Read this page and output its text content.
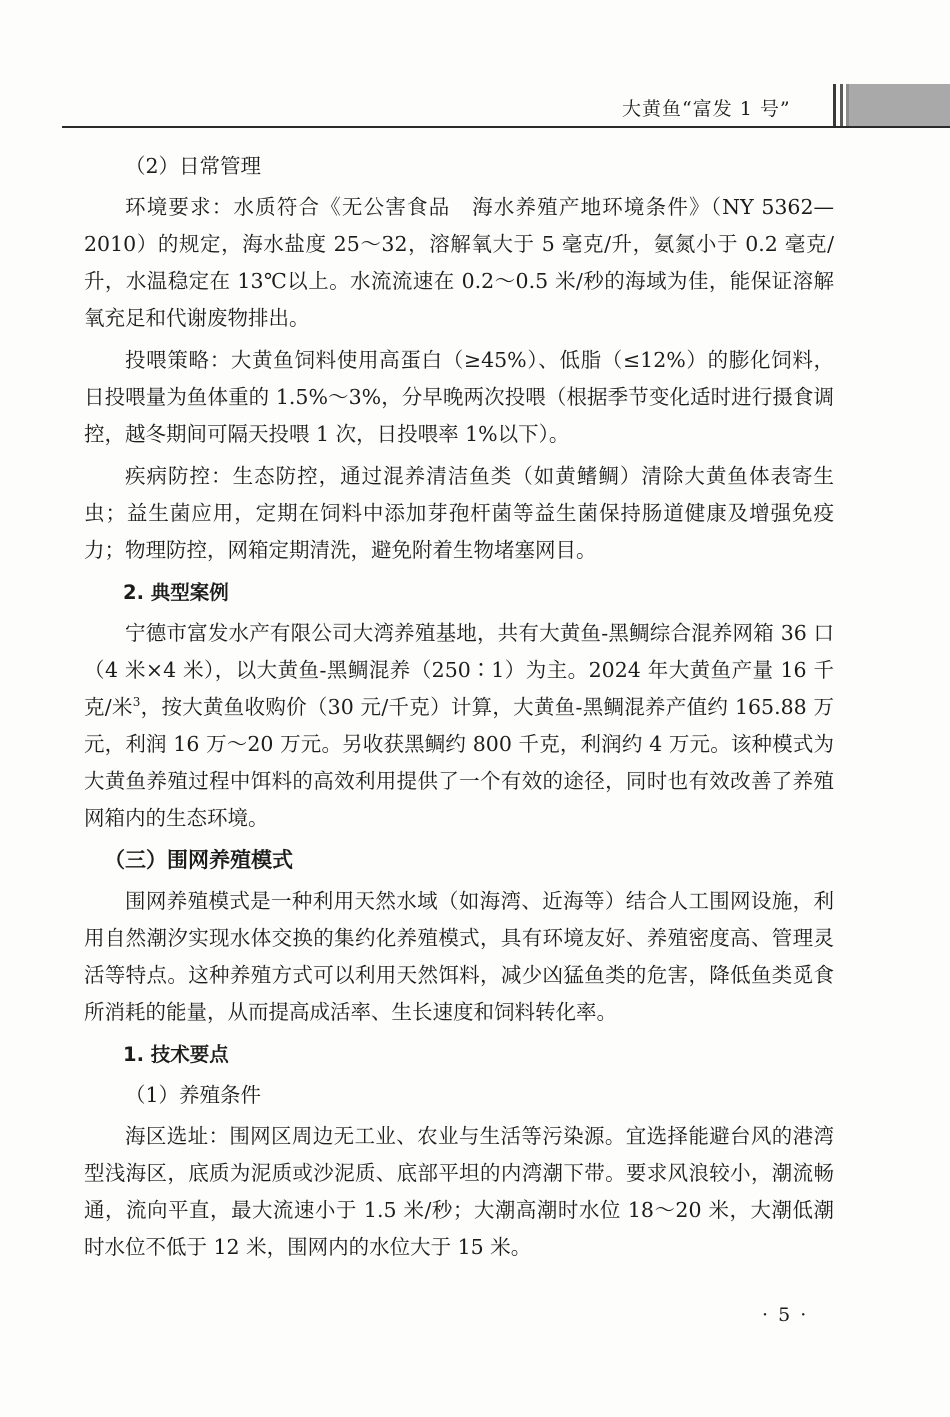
大黄鱼“富发 1 号”

（2）日常管理

环境要求：水质符合《无公害食品　海水养殖产地环境条件》（NY 5362—2010）的规定，海水盐度 25～32，溶解氧大于 5 毫克/升，氨氮小于 0.2 毫克/升，水温稳定在 13℃以上。水流流速在 0.2～0.5 米/秒的海域为佳，能保证溶解氧充足和代谢废物排出。

投喂策略：大黄鱼饲料使用高蛋白（≥45%）、低脂（≤12%）的膨化饲料，日投喂量为鱼体重的 1.5%～3%，分早晚两次投喂（根据季节变化适时进行摄食调控，越冬期间可隔天投喂 1 次，日投喂率 1%以下）。

疾病防控：生态防控，通过混养清洁鱼类（如黄鳍鲷）清除大黄鱼体表寄生虫；益生菌应用，定期在饲料中添加芽孢杆菌等益生菌保持肠道健康及增强免疫力；物理防控，网箱定期清洗，避免附着生物堵塞网目。

2. 典型案例

宁德市富发水产有限公司大湾养殖基地，共有大黄鱼-黑鲷综合混养网箱 36 口（4 米×4 米），以大黄鱼-黑鲷混养（250∶1）为主。2024 年大黄鱼产量 16 千克/米$^3$，按大黄鱼收购价（30 元/千克）计算，大黄鱼-黑鲷混养产值约 165.88 万元，利润 16 万～20 万元。另收获黑鲷约 800 千克，利润约 4 万元。该种模式为大黄鱼养殖过程中饵料的高效利用提供了一个有效的途径，同时也有效改善了养殖网箱内的生态环境。

（三）围网养殖模式

围网养殖模式是一种利用天然水域（如海湾、近海等）结合人工围网设施，利用自然潮汐实现水体交换的集约化养殖模式，具有环境友好、养殖密度高、管理灵活等特点。这种养殖方式可以利用天然饵料，减少凶猛鱼类的危害，降低鱼类觅食所消耗的能量，从而提高成活率、生长速度和饲料转化率。

1. 技术要点

（1）养殖条件

海区选址：围网区周边无工业、农业与生活等污染源。宜选择能避台风的港湾型浅海区，底质为泥质或沙泥质、底部平坦的内湾潮下带。要求风浪较小，潮流畅通，流向平直，最大流速小于 1.5 米/秒；大潮高潮时水位 18～20 米，大潮低潮时水位不低于 12 米，围网内的水位大于 15 米。

· 5 ·
